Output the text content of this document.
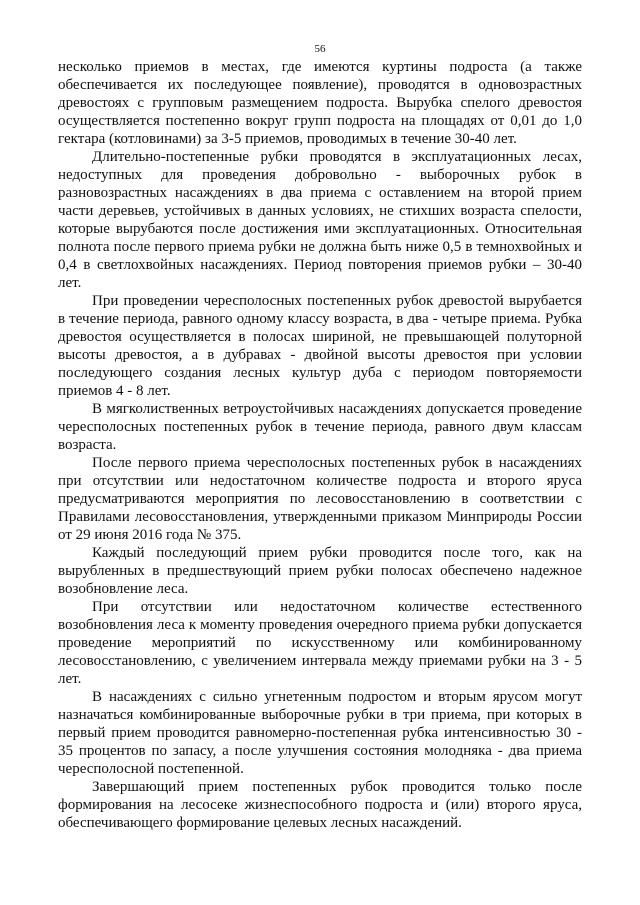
56

несколько приемов в местах, где имеются куртины подроста (а также обеспечивается их последующее появление), проводятся в одновозрастных древостоях с групповым размещением подроста. Вырубка спелого древостоя осуществляется постепенно вокруг групп подроста на площадях от 0,01 до 1,0 гектара (котловинами) за 3-5 приемов, проводимых в течение 30-40 лет.

Длительно-постепенные рубки проводятся в эксплуатационных лесах, недоступных для проведения добровольно - выборочных рубок в разновозрастных насаждениях в два приема с оставлением на второй прием части деревьев, устойчивых в данных условиях, не стихших возраста спелости, которые вырубаются после достижения ими эксплуатационных. Относительная полнота после первого приема рубки не должна быть ниже 0,5 в темнохвойных и 0,4 в светлохвойных насаждениях. Период повторения приемов рубки – 30-40 лет.

При проведении чересполосных постепенных рубок древостой вырубается в течение периода, равного одному классу возраста, в два - четыре приема. Рубка древостоя осуществляется в полосах шириной, не превышающей полуторной высоты древостоя, а в дубравах - двойной высоты древостоя при условии последующего создания лесных культур дуба с периодом повторяемости приемов 4 - 8 лет.

В мягколиственных ветроустойчивых насаждениях допускается проведение чересполосных постепенных рубок в течение периода, равного двум классам возраста.

После первого приема чересполосных постепенных рубок в насаждениях при отсутствии или недостаточном количестве подроста и второго яруса предусматриваются мероприятия по лесовосстановлению в соответствии с Правилами лесовосстановления, утвержденными приказом Минприроды России от 29 июня 2016 года № 375.

Каждый последующий прием рубки проводится после того, как на вырубленных в предшествующий прием рубки полосах обеспечено надежное возобновление леса.

При отсутствии или недостаточном количестве естественного возобновления леса к моменту проведения очередного приема рубки допускается проведение мероприятий по искусственному или комбинированному лесовосстановлению, с увеличением интервала между приемами рубки на 3 - 5 лет.

В насаждениях с сильно угнетенным подростом и вторым ярусом могут назначаться комбинированные выборочные рубки в три приема, при которых в первый прием проводится равномерно-постепенная рубка интенсивностью 30 - 35 процентов по запасу, а после улучшения состояния молодняка - два приема чересполосной постепенной.

Завершающий прием постепенных рубок проводится только после формирования на лесосеке жизнеспособного подроста и (или) второго яруса, обеспечивающего формирование целевых лесных насаждений.
